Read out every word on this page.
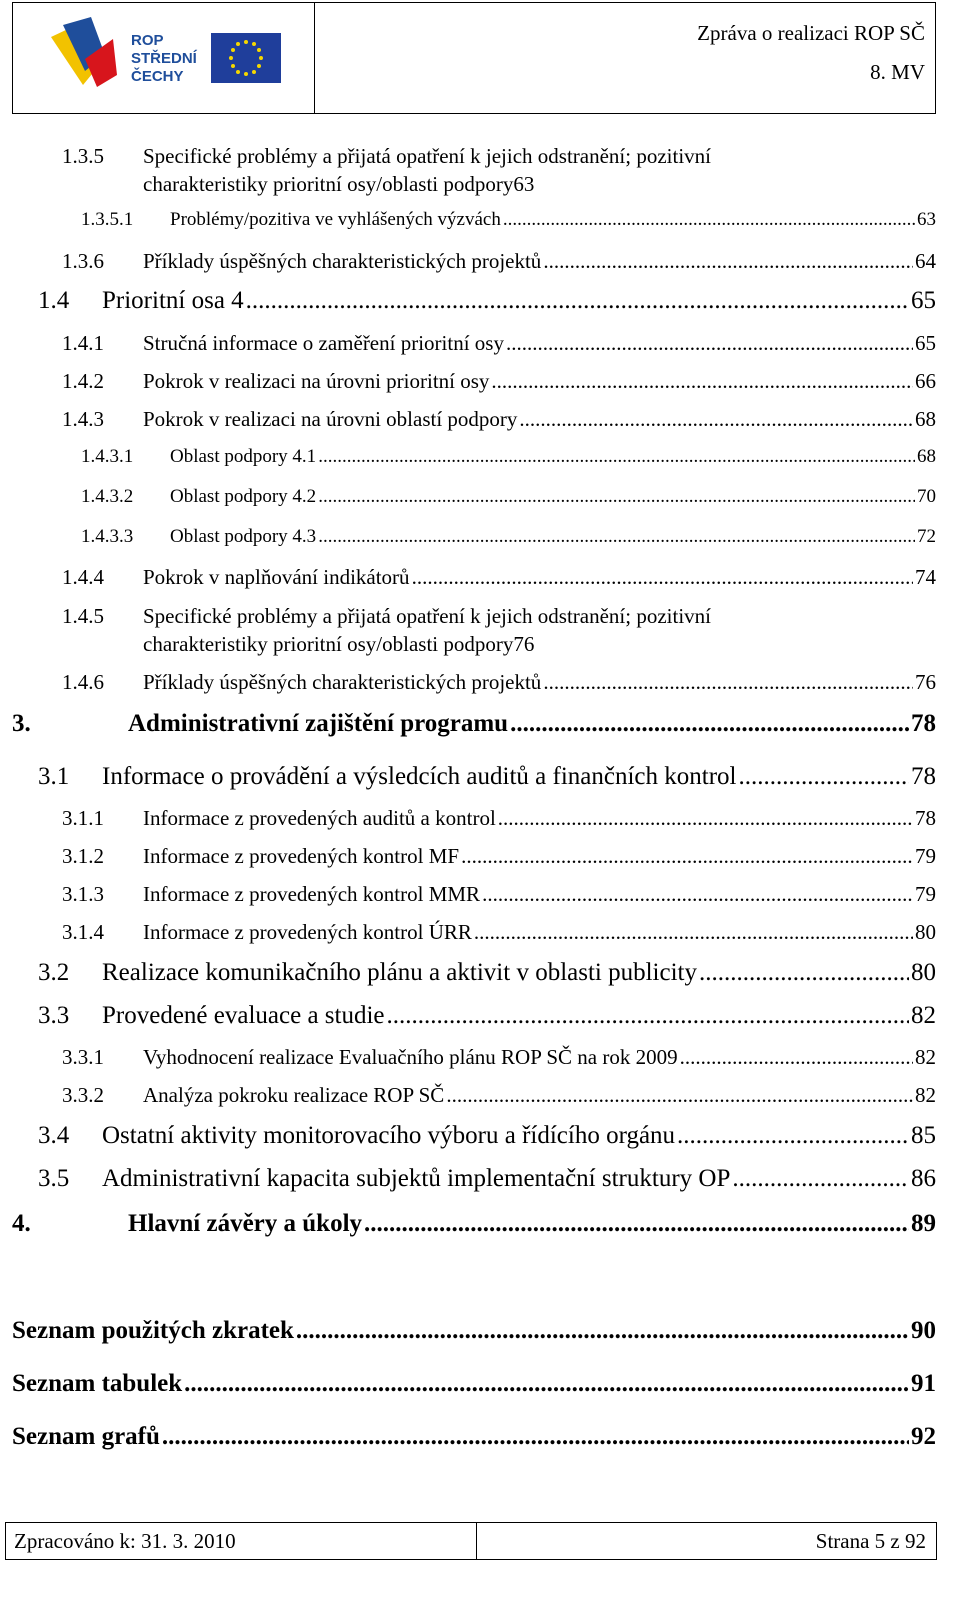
ROP
STŘEDNÍ
ČECHY
Zpráva o realizaci ROP SČ
8. MV
1.3.5 Specifické problémy a přijatá opatření k jejich odstranění; pozitivní
charakteristiky prioritní osy/oblasti podpory 63
1.3.5.1	Problémy/pozitiva ve vyhlášených výzvách .....	63
1.3.6	Příklady úspěšných charakteristických projektů .....	64
1.4	Prioritní osa 4 .....	65
1.4.1	Stručná informace o zaměření prioritní osy .....	65
1.4.2	Pokrok v realizaci na úrovni prioritní osy .....	66
1.4.3	Pokrok v realizaci na úrovni oblastí podpory .....	68
1.4.3.1	Oblast podpory 4.1 .....	68
1.4.3.2	Oblast podpory 4.2 .....	70
1.4.3.3	Oblast podpory 4.3 .....	72
1.4.4	Pokrok v naplňování indikátorů .....	74
1.4.5 Specifické problémy a přijatá opatření k jejich odstranění; pozitivní
charakteristiky prioritní osy/oblasti podpory 76
1.4.6	Příklady úspěšných charakteristických projektů .....	76
3.	Administrativní zajištění programu .....	78
3.1	Informace o provádění a výsledcích auditů a finančních kontrol .....	78
3.1.1	Informace z provedených auditů a kontrol .....	78
3.1.2	Informace z provedených kontrol MF .....	79
3.1.3	Informace z provedených kontrol MMR .....	79
3.1.4	Informace z provedených kontrol ÚRR .....	80
3.2	Realizace komunikačního plánu a aktivit v oblasti publicity .....	80
3.3	Provedené evaluace a studie .....	82
3.3.1	Vyhodnocení realizace Evaluačního plánu ROP SČ na rok 2009 .....	82
3.3.2	Analýza pokroku realizace ROP SČ .....	82
3.4	Ostatní aktivity monitorovacího výboru a řídícího orgánu .....	85
3.5	Administrativní kapacita subjektů implementační struktury OP .....	86
4.	Hlavní závěry a úkoly .....	89
Seznam použitých zkratek .....	90
Seznam tabulek .....	91
Seznam grafů .....	92
Zpracováno k: 31. 3. 2010	Strana 5 z 92
